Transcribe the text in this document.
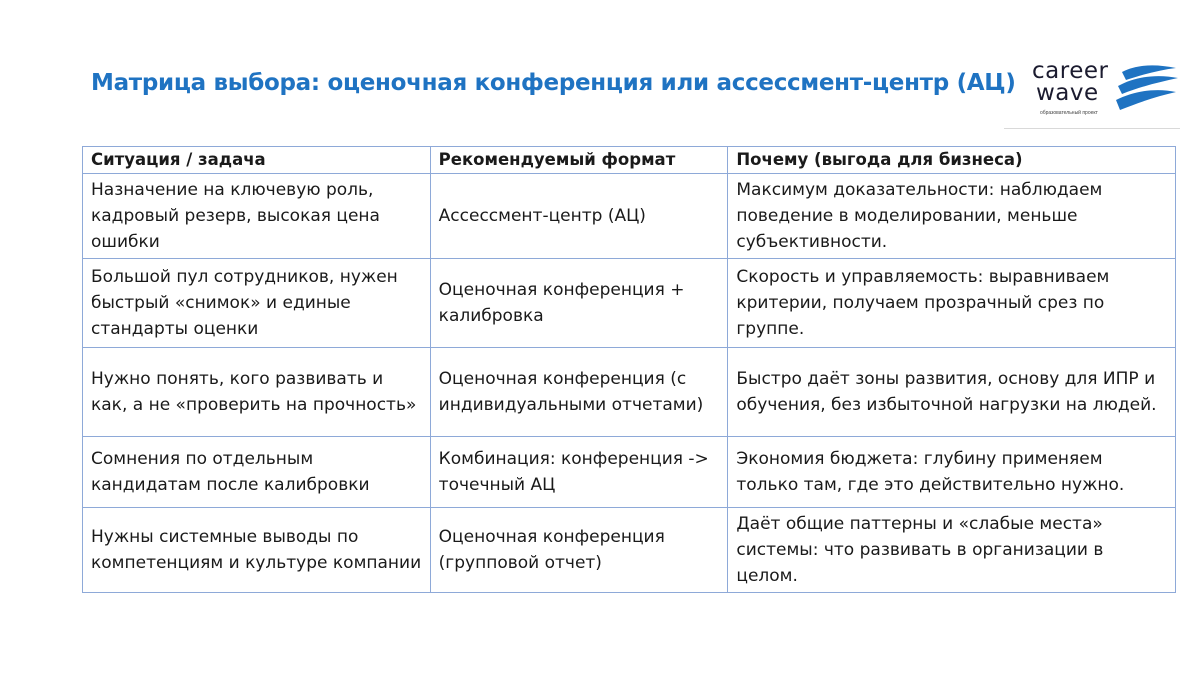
Матрица выбора: оценочная конференция или ассессмент-центр (АЦ) career
wave
образовательный проект
Ситуация / задача	Рекомендуемый формат	Почему (выгода для бизнеса)
Назначение на ключевую роль, кадровый резерв, высокая цена ошибки	Ассессмент-центр (АЦ)	Максимум доказательности: наблюдаем поведение в моделировании, меньше субъективности.
Большой пул сотрудников, нужен быстрый «снимок» и единые стандарты оценки	Оценочная конференция + калибровка	Скорость и управляемость: выравниваем критерии, получаем прозрачный срез по группе.
Нужно понять, кого развивать и как, а не «проверить на прочность»	Оценочная конференция (с индивидуальными отчетами)	Быстро даёт зоны развития, основу для ИПР и обучения, без избыточной нагрузки на людей.
Сомнения по отдельным кандидатам после калибровки	Комбинация: конференция -> точечный АЦ	Экономия бюджета: глубину применяем только там, где это действительно нужно.
Нужны системные выводы по компетенциям и культуре компании	Оценочная конференция (групповой отчет)	Даёт общие паттерны и «слабые места» системы: что развивать в организации в целом.
